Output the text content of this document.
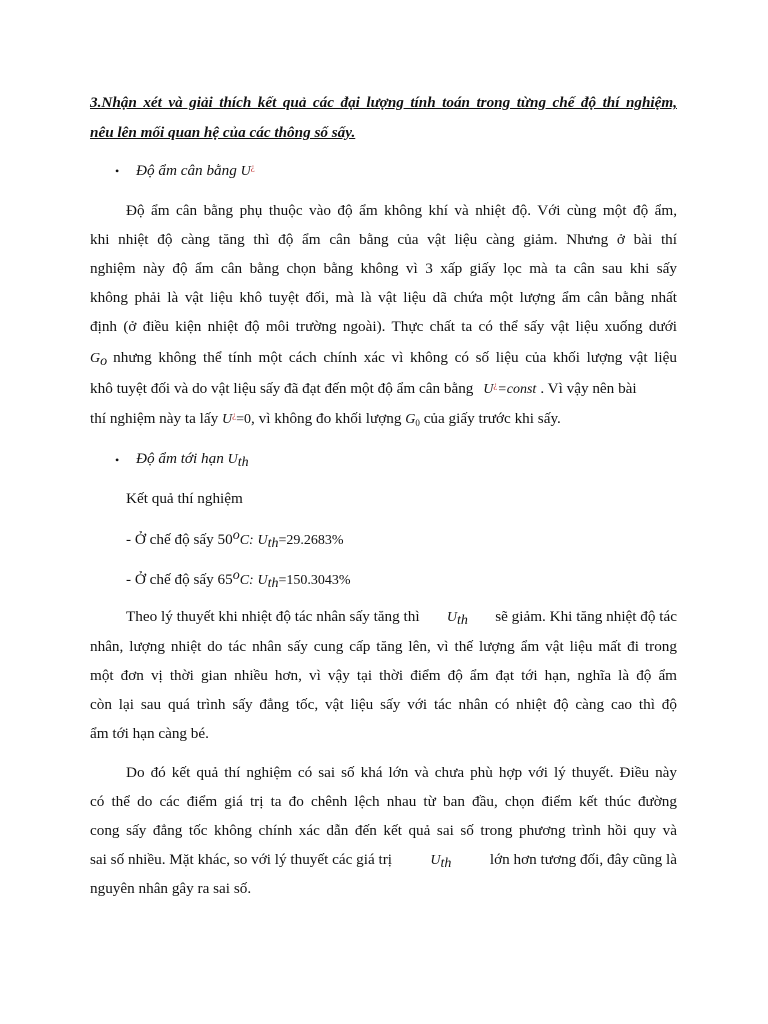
3.Nhận xét và giải thích kết quả các đại lượng tính toán trong từng chế độ thí nghiệm,
nêu lên mối quan hệ của các thông số sấy.
• Độ ẩm cân bằng U¿
Độ ẩm cân bằng phụ thuộc vào độ ẩm không khí và nhiệt độ. Với cùng một độ ẩm,
khi nhiệt độ càng tăng thì độ ẩm cân bằng của vật liệu càng giảm. Nhưng ở bài thí
nghiệm này độ ẩm cân bằng chọn bằng không vì 3 xấp giấy lọc mà ta cân sau khi sấy
không phải là vật liệu khô tuyệt đối, mà là vật liệu dã chứa một lượng ẩm cân bằng nhất
định (ở điều kiện nhiệt độ môi trường ngoài). Thực chất ta có thể sấy vật liệu xuống dưới
$G_o$ nhưng không thể tính một cách chính xác vì không có số liệu của khối lượng vật liệu
khô tuyệt đối và do vật liệu sấy đã đạt đến một độ ẩm cân bằng U¿=const . Vì vậy nên bài
thí nghiệm này ta lấy U¿=0, vì không đo khối lượng $G_0$ của giấy trước khi sấy.
• Độ ẩm tới hạn $U_{th}$
Kết quả thí nghiệm
- Ở chế độ sấy 50$^o$C: $U_{th}=29.2683\%$
- Ở chế độ sấy 65$^o$C: $U_{th}=150.3043\%$
Theo lý thuyết khi nhiệt độ tác nhân sấy tăng thì $U_{th}$ sẽ giảm. Khi tăng nhiệt độ tác
nhân, lượng nhiệt do tác nhân sấy cung cấp tăng lên, vì thế lượng ẩm vật liệu mất đi trong
một đơn vị thời gian nhiều hơn, vì vậy tại thời điểm độ ẩm đạt tới hạn, nghĩa là độ ẩm
còn lại sau quá trình sấy đẳng tốc, vật liệu sấy với tác nhân có nhiệt độ càng cao thì độ
ẩm tới hạn càng bé.
Do đó kết quả thí nghiệm có sai số khá lớn và chưa phù hợp với lý thuyết. Điều này
có thể do các điểm giá trị ta đo chênh lệch nhau từ ban đầu, chọn điểm kết thúc đường
cong sấy đẳng tốc không chính xác dẫn đến kết quả sai số trong phương trình hồi quy và
sai số nhiều. Mặt khác, so với lý thuyết các giá trị	$U_{th}$	lớn hơn tương đối, đây cũng là
nguyên nhân gây ra sai số.
